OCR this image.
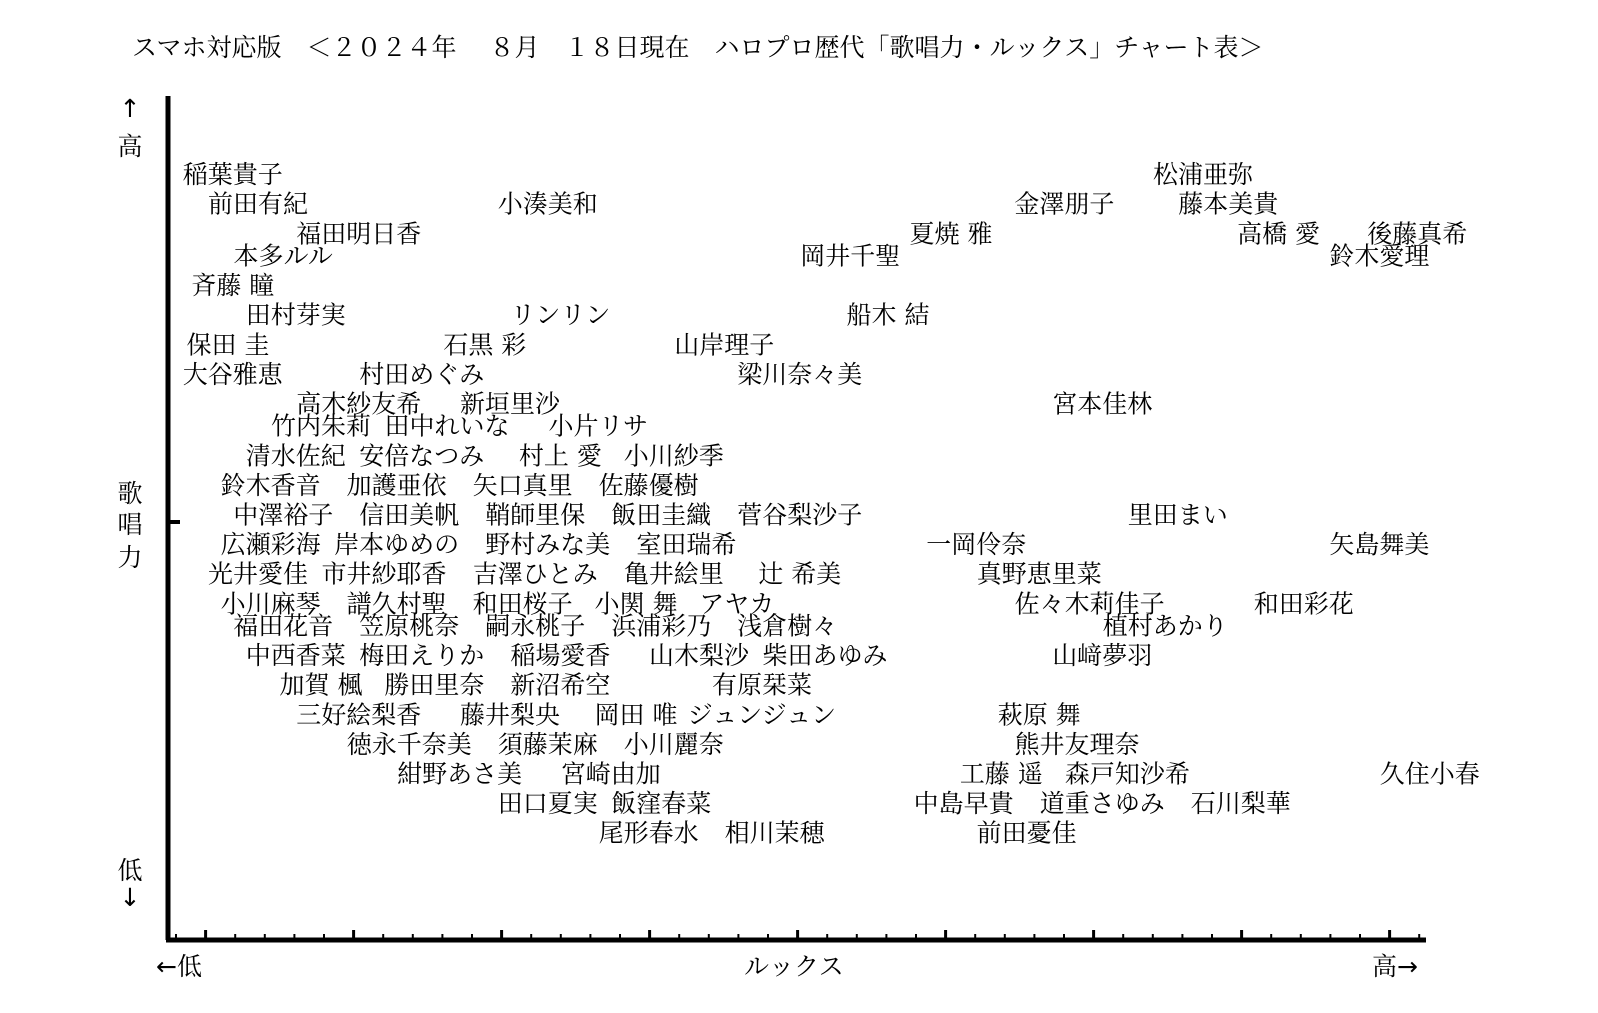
スマホ対応版　＜２０２４年　 ８月　１８日現在　ハロプロ歴代「歌唱力・ルックス」チャート表＞
↑
高
歌
唱
力
低
↓
←低	ルックス	高→
稲葉貴子	松浦亜弥
前田有紀	小湊美和	金澤朋子	藤本美貴
福田明日香	夏焼 雅	高橋 愛 後藤真希
本多ルル	岡井千聖	鈴木愛理
斉藤 瞳
田村芽実	リンリン	船木 結
保田 圭	石黒 彩	山岸理子
大谷雅恵	村田めぐみ	梁川奈々美
高木紗友希 新垣里沙	宮本佳林
竹内朱莉 田中れいな 小片リサ
清水佐紀 安倍なつみ 村上 愛 小川紗季
鈴木香音 加護亜依 矢口真里 佐藤優樹
中澤裕子 信田美帆 鞘師里保 飯田圭織 菅谷梨沙子	里田まい
広瀬彩海 岸本ゆめの 野村みな美 室田瑞希	一岡伶奈	矢島舞美
光井愛佳 市井紗耶香 吉澤ひとみ 亀井絵里 辻 希美	真野恵里菜
小川麻琴 譜久村聖 和田桜子 小関 舞 アヤカ	佐々木莉佳子	和田彩花
福田花音 笠原桃奈 嗣永桃子 浜浦彩乃 浅倉樹々	植村あかり
中西香菜 梅田えりか 稲場愛香 山木梨沙 柴田あゆみ	山﨑夢羽
加賀 楓 勝田里奈 新沼希空	有原栞菜
三好絵梨香 藤井梨央 岡田 唯 ジュンジュン	萩原 舞
徳永千奈美 須藤茉麻 小川麗奈	熊井友理奈
紺野あさ美 宮崎由加	工藤 遥 森戸知沙希	久住小春
田口夏実 飯窪春菜	中島早貴 道重さゆみ 石川梨華
尾形春水 相川茉穂	前田憂佳
